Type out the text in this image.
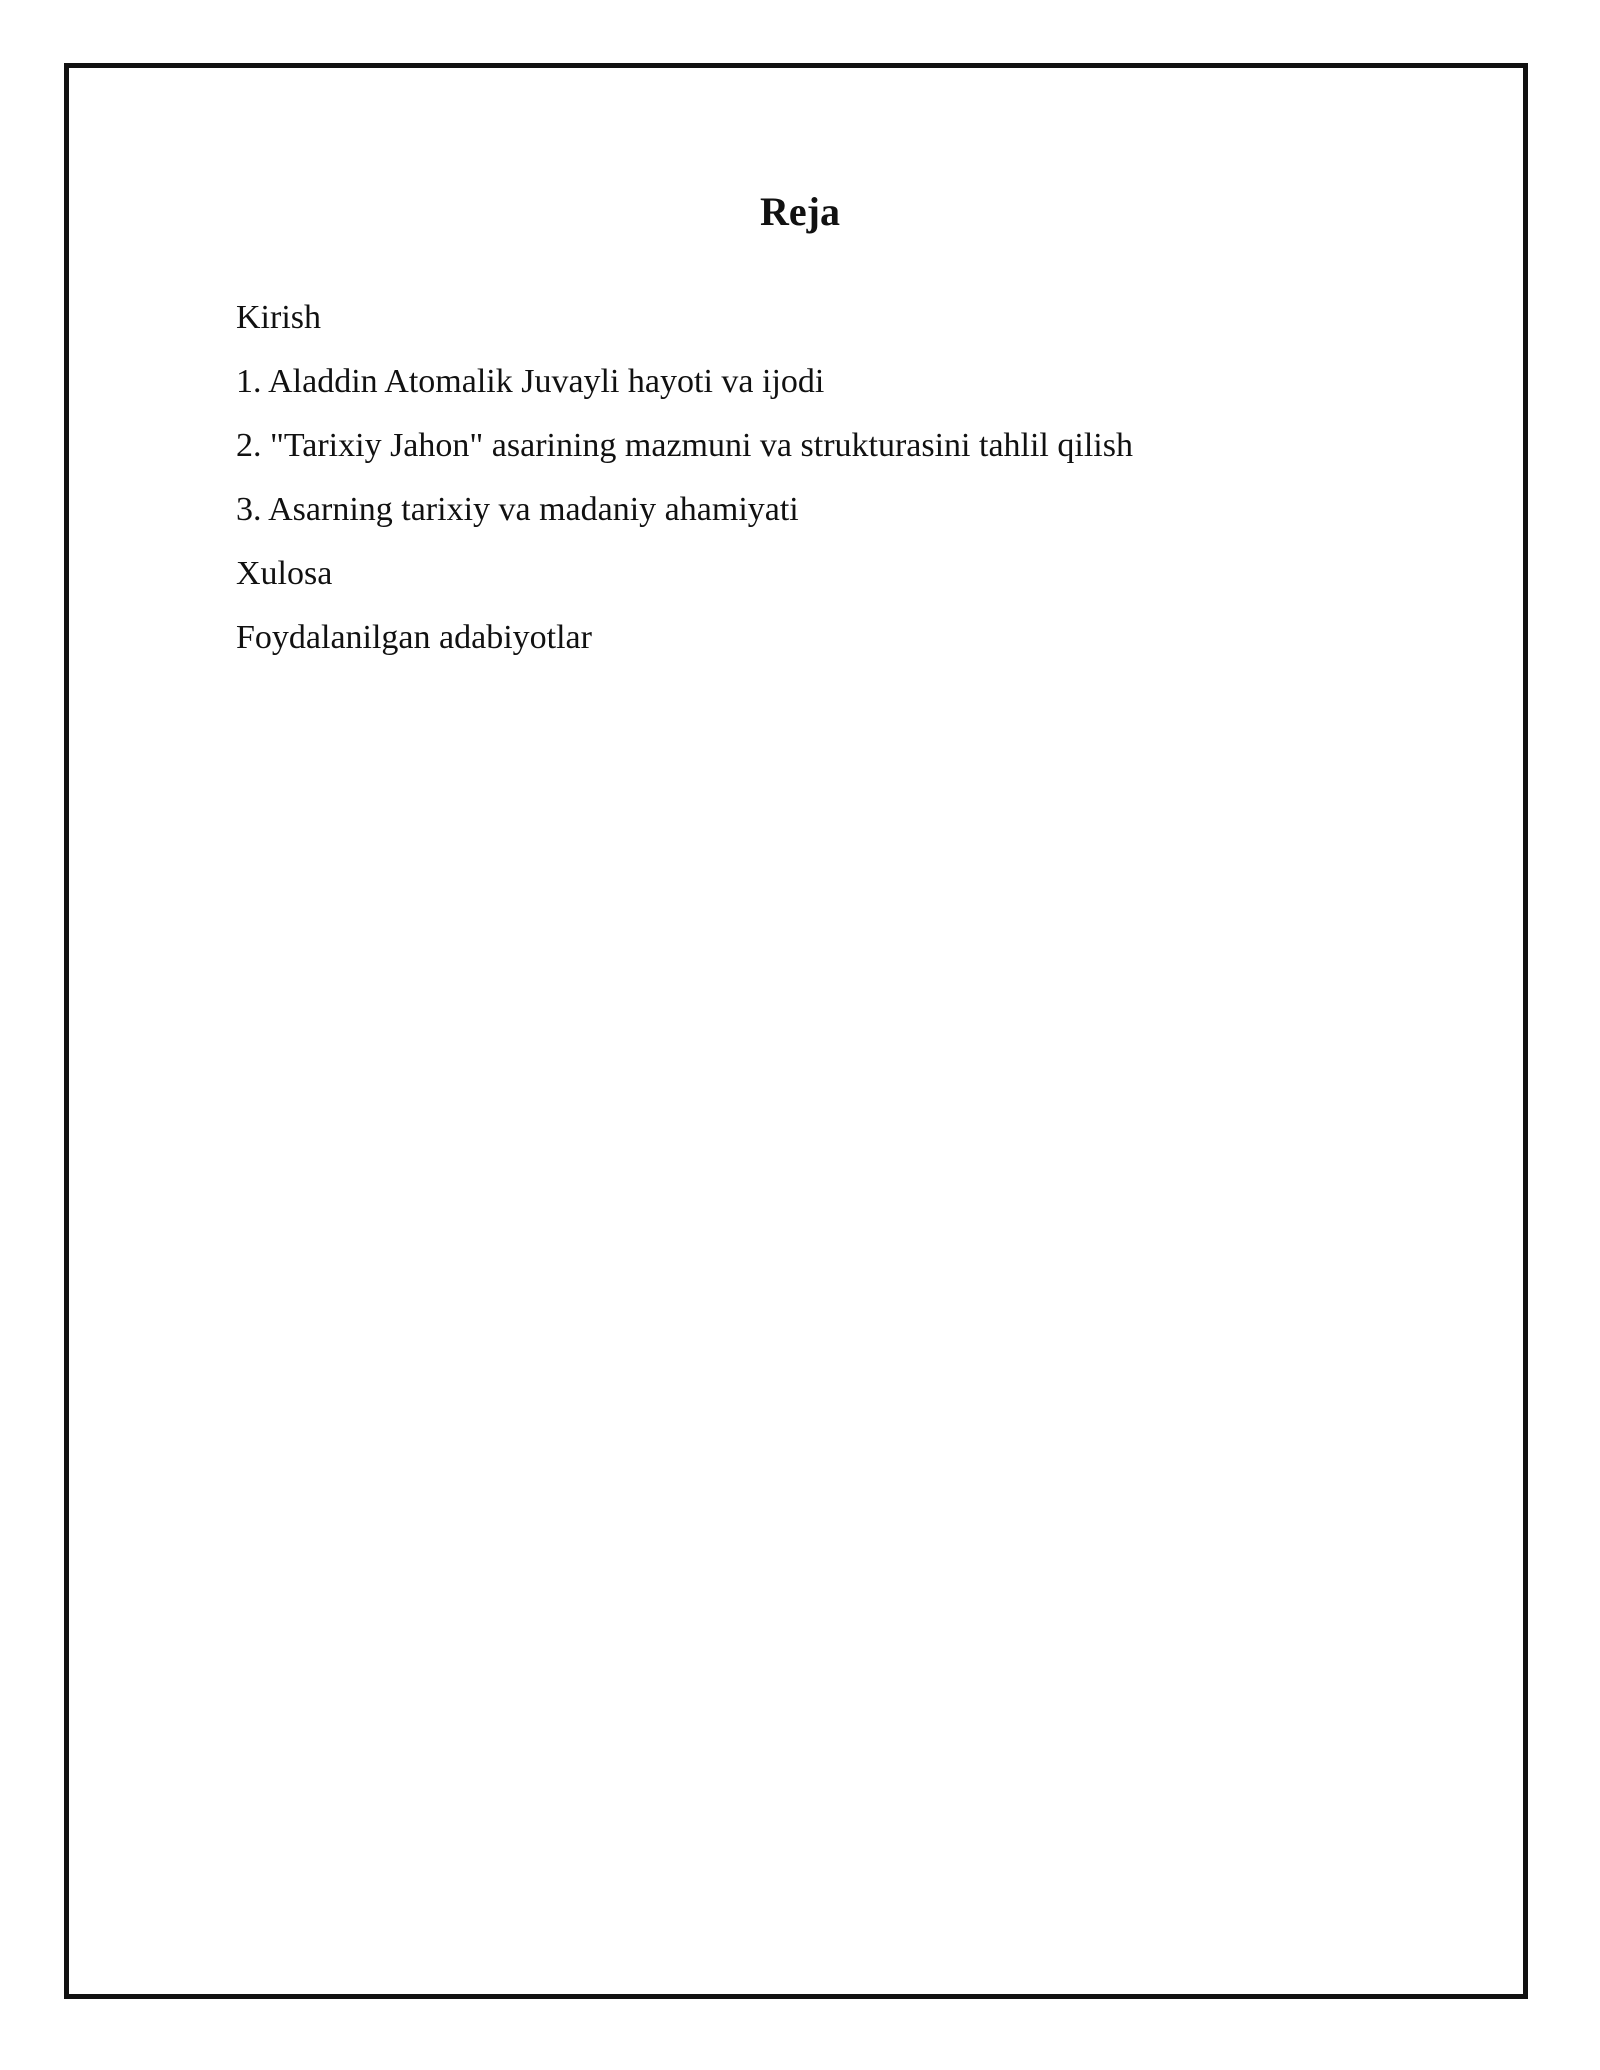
Reja
Kirish
1. Aladdin Atomalik Juvayli hayoti va ijodi
2. "Tarixiy Jahon" asarining mazmuni va strukturasini tahlil qilish
3. Asarning tarixiy va madaniy ahamiyati
Xulosa
Foydalanilgan adabiyotlar
